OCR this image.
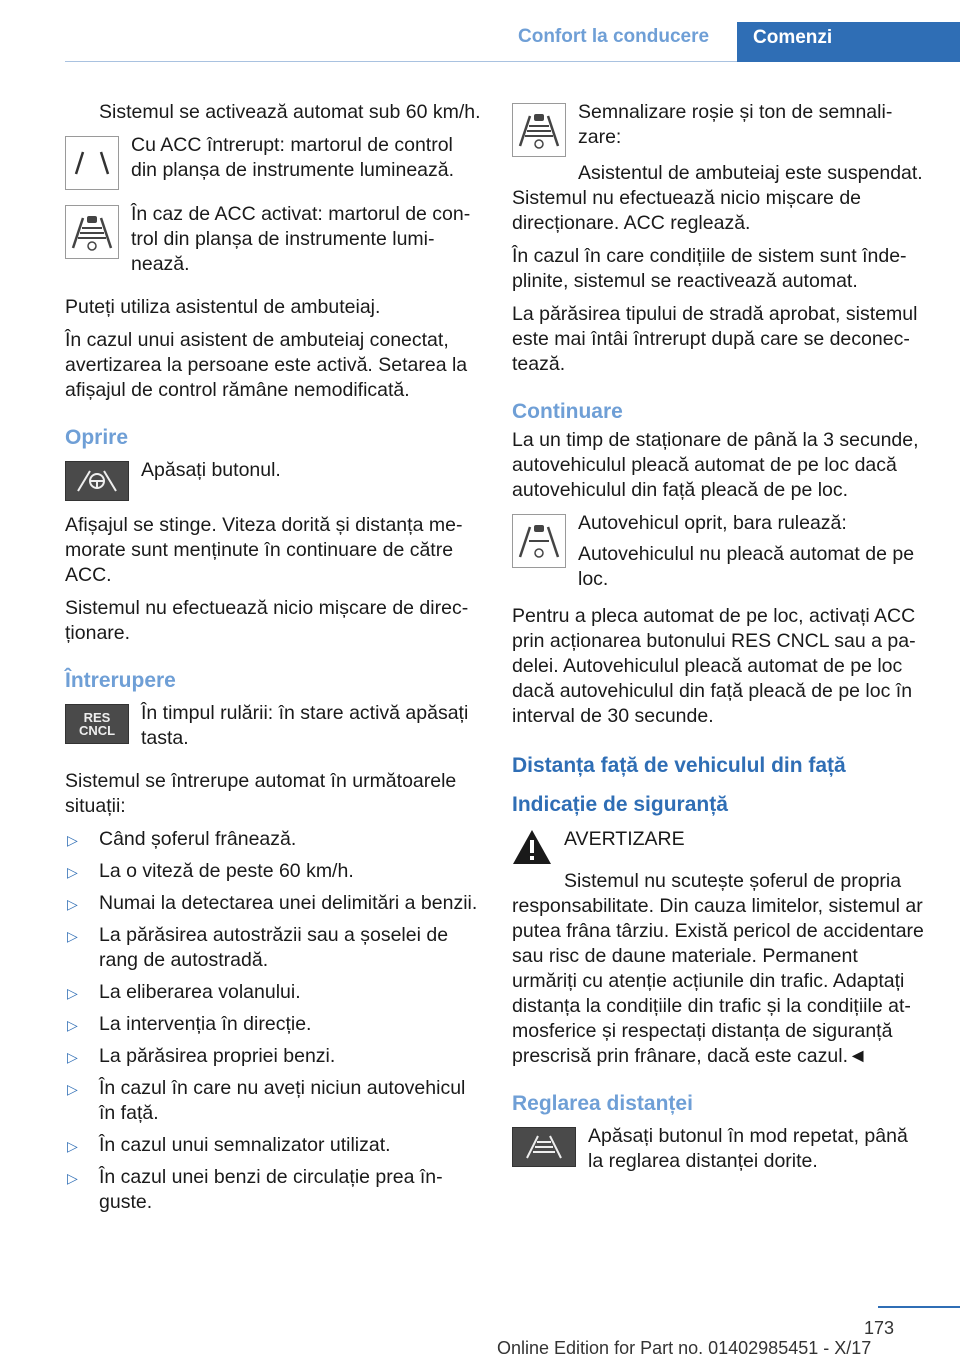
Confort la conducere	Comenzi

Sistemul se activează automat sub 60 km/h.

Cu ACC întrerupt: martorul de control din planșa de instrumente luminează.

În caz de ACC activat: martorul de control din planșa de instrumente luminează.

Puteți utiliza asistentul de ambuteiaj.

În cazul unui asistent de ambuteiaj conectat, avertizarea la persoane este activă. Setarea la afișajul de control rămâne nemodificată.

Oprire

Apăsați butonul.

Afișajul se stinge. Viteza dorită și distanța memorate sunt menținute în continuare de către ACC.

Sistemul nu efectuează nicio mișcare de direcționare.

Întrerupere
RES
CNCL

În timpul rulării: în stare activă apăsați tasta.

Sistemul se întrerupe automat în următoarele situații:

▷
Când șoferul frânează.
▷
La o viteză de peste 60 km/h.
▷
Numai la detectarea unei delimitări a benzii.
▷
La părăsirea autostrăzii sau a șoselei de rang de autostradă.
▷
La eliberarea volanului.
▷
La intervenția în direcție.
▷
La părăsirea propriei benzi.
▷
În cazul în care nu aveți niciun autovehicul în față.
▷
În cazul unui semnalizator utilizat.
▷
În cazul unei benzi de circulație prea înguste.

Semnalizare roșie și ton de semnalizare:

Asistentul de ambuteiaj este suspendat. Sistemul nu efectuează nicio mișcare de direcționare. ACC reglează.

În cazul în care condițiile de sistem sunt îndeplinite, sistemul se reactivează automat.

La părăsirea tipului de stradă aprobat, sistemul este mai întâi întrerupt după care se deconectează.

Continuare

La un timp de staționare de până la 3 secunde, autovehiculul pleacă automat de pe loc dacă autovehiculul din față pleacă de pe loc.

Autovehicul oprit, bara rulează:

Autovehiculul nu pleacă automat de pe loc.

Pentru a pleca automat de pe loc, activați ACC prin acționarea butonului RES CNCL sau a padelei. Autovehiculul pleacă automat de pe loc dacă autovehiculul din față pleacă de pe loc în interval de 30 secunde.

Distanța față de vehiculul din față
Indicație de siguranță

AVERTIZARE

Sistemul nu scutește șoferul de propria responsabilitate. Din cauza limitelor, sistemul ar putea frâna târziu. Există pericol de accidentare sau risc de daune materiale. Permanent urmăriți cu atenție acțiunile din trafic. Adaptați distanța la condițiile din trafic și la condițiile atmosferice și respectați distanța de siguranță prescrisă prin frânare, dacă este cazul.◄

Reglarea distanței

Apăsați butonul în mod repetat, până la reglarea distanței dorite.

173
Online Edition for Part no. 01402985451 - X/17
